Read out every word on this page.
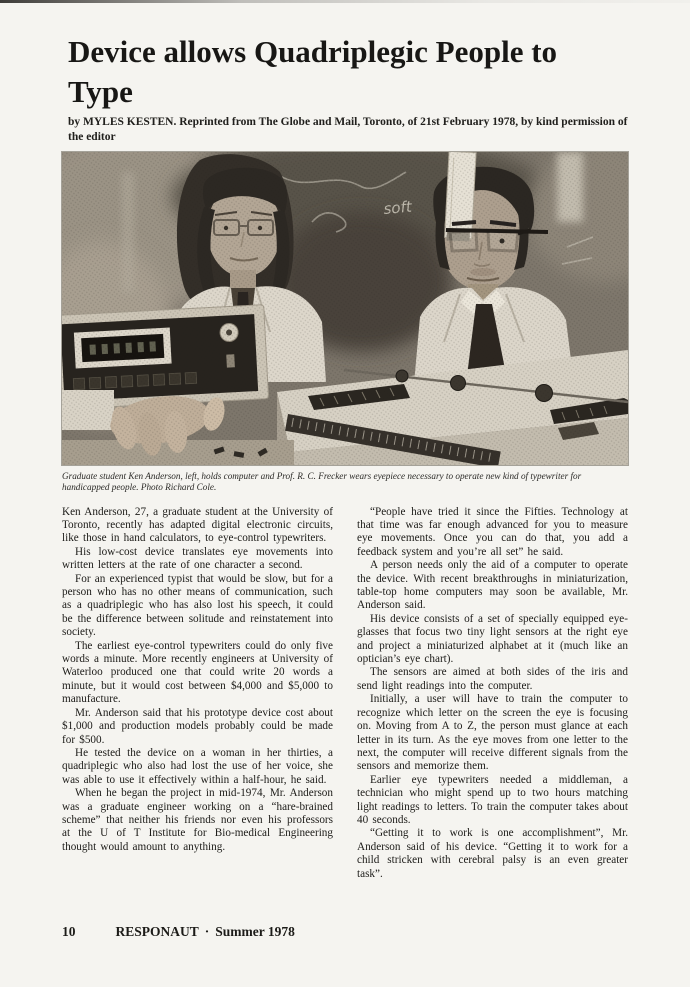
Device allows Quadriplegic People to Type
by MYLES KESTEN. Reprinted from The Globe and Mail, Toronto, of 21st February 1978, by kind permission of the editor
soft
Graduate student Ken Anderson, left, holds computer and Prof. R. C. Frecker wears eyepiece necessary to operate new kind of typewriter for handicapped people. Photo Richard Cole.

Ken Anderson, 27, a graduate student at the University of Toronto, recently has adapted digital electronic circuits, like those in hand calculators, to eye-control typewriters.

His low-cost device translates eye movements into written letters at the rate of one character a second.

For an experienced typist that would be slow, but for a person who has no other means of communication, such as a quadriplegic who has also lost his speech, it could be the difference between solitude and reinstatement into society.

The earliest eye-control typewriters could do only five words a minute. More recently engineers at University of Waterloo produced one that could write 20 words a minute, but it would cost between $4,000 and $5,000 to manufacture.

Mr. Anderson said that his prototype device cost about $1,000 and production models probably could be made for $500.

He tested the device on a woman in her thirties, a quadriplegic who also had lost the use of her voice, she was able to use it effectively within a half-hour, he said.

When he began the project in mid-1974, Mr. Anderson was a graduate engineer working on a “hare-brained scheme” that neither his friends nor even his professors at the U of T Institute for Bio-medical Engineering thought would amount to anything.

“People have tried it since the Fifties. Technology at that time was far enough advanced for you to measure eye movements. Once you can do that, you add a feedback system and you’re all set” he said.

A person needs only the aid of a computer to operate the device. With recent breakthroughs in miniaturization, table-top home computers may soon be available, Mr. Anderson said.

His device consists of a set of specially equipped eye-glasses that focus two tiny light sensors at the right eye and project a miniaturized alphabet at it (much like an optician’s eye chart).

The sensors are aimed at both sides of the iris and send light readings into the computer.

Initially, a user will have to train the computer to recognize which letter on the screen the eye is focusing on. Moving from A to Z, the person must glance at each letter in its turn. As the eye moves from one letter to the next, the computer will receive different signals from the sensors and memorize them.

Earlier eye typewriters needed a middleman, a technician who might spend up to two hours matching light readings to letters. To train the computer takes about 40 seconds.

“Getting it to work is one accomplishment”, Mr. Anderson said of his device. “Getting it to work for a child stricken with cerebral palsy is an even greater task”.

10	RESPONAUT · Summer 1978
